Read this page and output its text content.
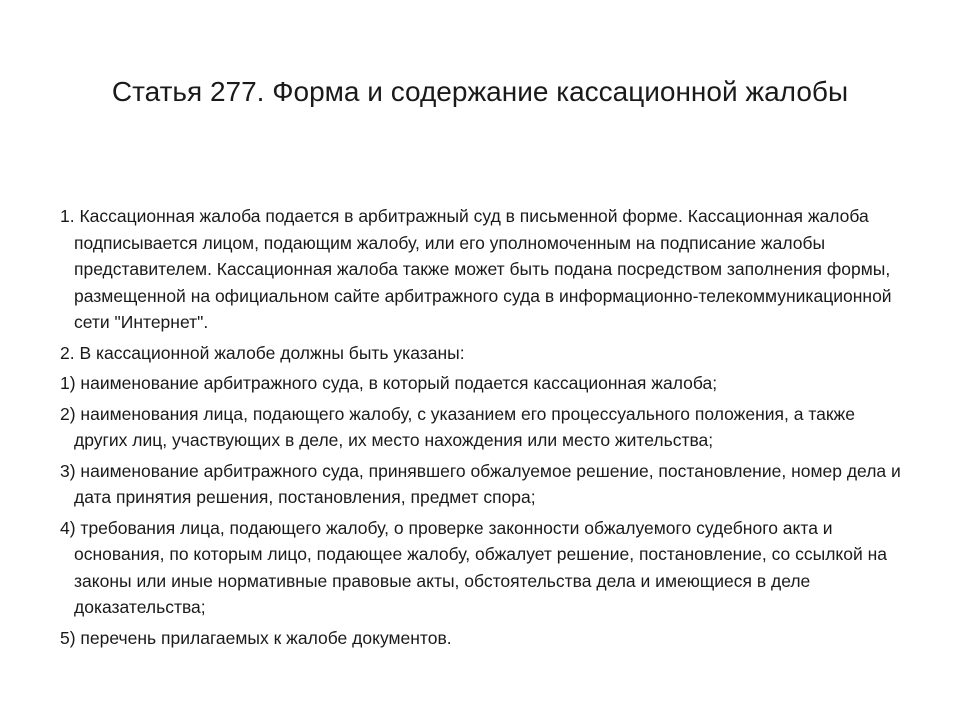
Статья 277. Форма и содержание кассационной жалобы

1. Кассационная жалоба подается в арбитражный суд в письменной форме. Кассационная жалоба подписывается лицом, подающим жалобу, или его уполномоченным на подписание жалобы представителем. Кассационная жалоба также может быть подана посредством заполнения формы, размещенной на официальном сайте арбитражного суда в информационно-телекоммуникационной сети "Интернет".

2. В кассационной жалобе должны быть указаны:

1) наименование арбитражного суда, в который подается кассационная жалоба;

2) наименования лица, подающего жалобу, с указанием его процессуального положения, а также других лиц, участвующих в деле, их место нахождения или место жительства;

3) наименование арбитражного суда, принявшего обжалуемое решение, постановление, номер дела и дата принятия решения, постановления, предмет спора;

4) требования лица, подающего жалобу, о проверке законности обжалуемого судебного акта и основания, по которым лицо, подающее жалобу, обжалует решение, постановление, со ссылкой на законы или иные нормативные правовые акты, обстоятельства дела и имеющиеся в деле доказательства;

5) перечень прилагаемых к жалобе документов.
